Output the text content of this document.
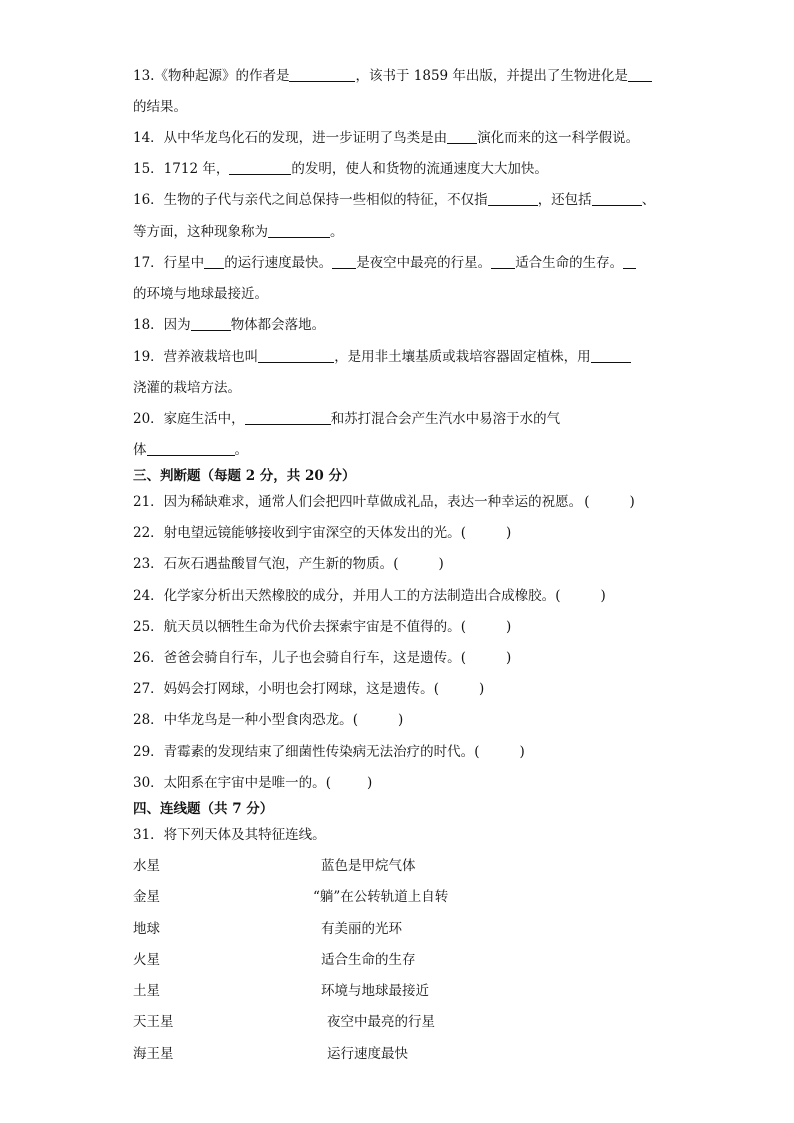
13.《物种起源》的作者是	，该书于 1859 年出版，并提出了生物进化是
的结果。
14．从中华龙鸟化石的发现，进一步证明了鸟类是由 演化而来的这一科学假说。
15．1712 年，	的发明，使人和货物的流通速度大大加快。
16．生物的子代与亲代之间总保持一些相似的特征，不仅指	，还包括	、
等方面，这种现象称为	。
17．行星中 的运行速度最快。 是夜空中最亮的行星。 适合生命的生存。
的环境与地球最接近。
18．因为	物体都会落地。
19．营养液栽培也叫	，是用非土壤基质或栽培容器固定植株，用
浇灌的栽培方法。
20．家庭生活中，	和苏打混合会产生汽水中易溶于水的气
体	。
三、判断题（每题 2 分，共 20 分）
21．因为稀缺难求，通常人们会把四叶草做成礼品，表达一种幸运的祝愿。 (	)
22．射电望远镜能够接收到宇宙深空的天体发出的光。(	)
23．石灰石遇盐酸冒气泡，产生新的物质。(	)
24．化学家分析出天然橡胶的成分，并用人工的方法制造出合成橡胶。(	)
25．航天员以牺牲生命为代价去探索宇宙是不值得的。(	)
26．爸爸会骑自行车，儿子也会骑自行车，这是遗传。(	)
27．妈妈会打网球，小明也会打网球，这是遗传。(	)
28．中华龙鸟是一种小型食肉恐龙。(	)
29．青霉素的发现结束了细菌性传染病无法治疗的时代。(	)
30．太阳系在宇宙中是唯一的。(	)
四、连线题（共 7 分）
31．将下列天体及其特征连线。
水星	蓝色是甲烷气体
金星	“躺”在公转轨道上自转
地球	有美丽的光环
火星	适合生命的生存
土星	环境与地球最接近
天王星	夜空中最亮的行星
海王星	运行速度最快
